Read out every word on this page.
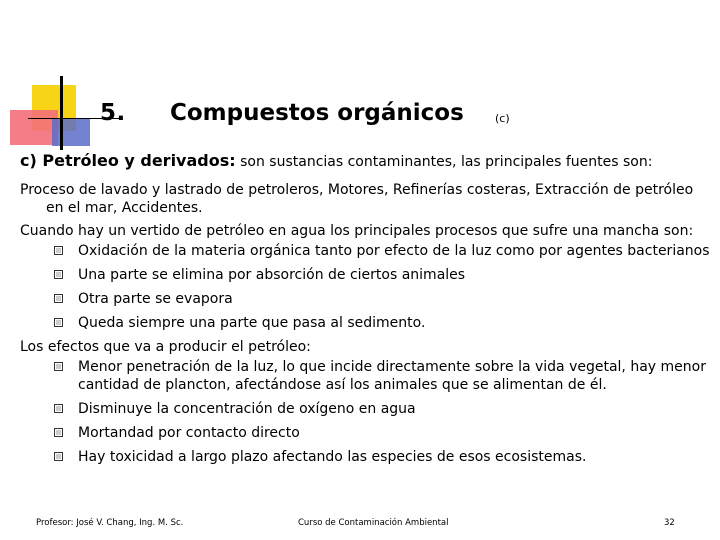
5. Compuestos orgánicos	(c)

c) Petróleo y derivados: son sustancias contaminantes, las principales fuentes son:

Proceso de lavado y lastrado de petroleros, Motores, Refinerías costeras, Extracción de petróleo en el mar, Accidentes.

Cuando hay un vertido de petróleo en agua los principales procesos que sufre una mancha son:

Oxidación de la materia orgánica tanto por efecto de la luz como por agentes bacterianos
Una parte se elimina por absorción de ciertos animales
Otra parte se evapora
Queda siempre una parte que pasa al sedimento.

Los efectos que va a producir el petróleo:

Menor penetración de la luz, lo que incide directamente sobre la vida vegetal, hay menor cantidad de plancton, afectándose así los animales que se alimentan de él.
Disminuye la concentración de oxígeno en agua
Mortandad por contacto directo
Hay toxicidad a largo plazo afectando las especies de esos ecosistemas.
Profesor: José V. Chang, Ing. M. Sc.	Curso de Contaminación Ambiental	32
